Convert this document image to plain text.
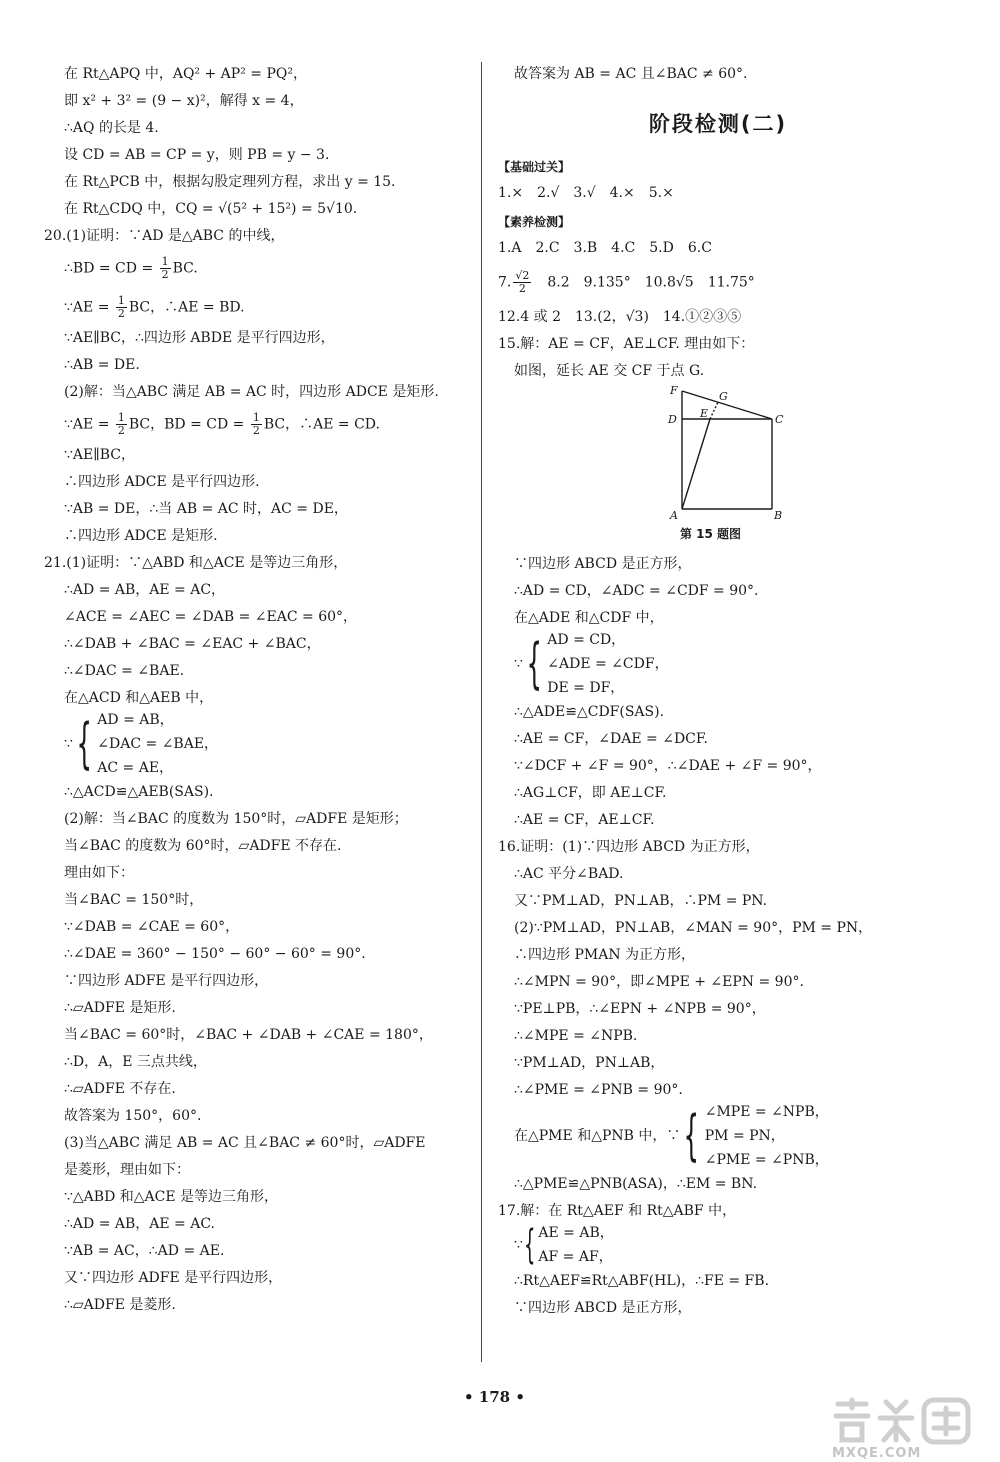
在 Rt△APQ 中，AQ² + AP² = PQ²，
即 x² + 3² = (9 − x)²，解得 x = 4，
∴AQ 的长是 4.
设 CD = AB = CP = y，则 PB = y − 3.
在 Rt△PCB 中，根据勾股定理列方程，求出 y = 15.
在 Rt△CDQ 中，CQ = √(5² + 15²) = 5√10.
20.(1)证明：∵AD 是△ABC 的中线，
∴BD = CD = $\frac{1}{2}$ BC.
∵AE = $\frac{1}{2}$ BC，∴AE = BD.
∵AE∥BC，∴四边形 ABDE 是平行四边形，
∴AB = DE.
(2)解：当△ABC 满足 AB = AC 时，四边形 ADCE 是矩形.
∵AE = $\frac{1}{2}$ BC，BD = CD = $\frac{1}{2}$ BC，∴AE = CD.
∵AE∥BC，
∴四边形 ADCE 是平行四边形.
∵AB = DE，∴当 AB = AC 时，AC = DE，
∴四边形 ADCE 是矩形.
21.(1)证明：∵△ABD 和△ACE 是等边三角形，
∴AD = AB，AE = AC，
∠ACE = ∠AEC = ∠DAB = ∠EAC = 60°，
∴∠DAB + ∠BAC = ∠EAC + ∠BAC，
∴∠DAC = ∠BAE.
在△ACD 和△AEB 中，
∵ { AD = AB，
∠DAC = ∠BAE，
AC = AE，
∴△ACD≌△AEB(SAS).
(2)解：当∠BAC 的度数为 150°时，▱ADFE 是矩形；
当∠BAC 的度数为 60°时，▱ADFE 不存在.
理由如下：
当∠BAC = 150°时，
∵∠DAB = ∠CAE = 60°，
∴∠DAE = 360° − 150° − 60° − 60° = 90°.
∵四边形 ADFE 是平行四边形，
∴▱ADFE 是矩形.
当∠BAC = 60°时，∠BAC + ∠DAB + ∠CAE = 180°，
∴D，A，E 三点共线，
∴▱ADFE 不存在.
故答案为 150°，60°.
(3)当△ABC 满足 AB = AC 且∠BAC ≠ 60°时，▱ADFE
是菱形，理由如下：
∵△ABD 和△ACE 是等边三角形，
∴AD = AB，AE = AC.
∵AB = AC，∴AD = AE.
又∵四边形 ADFE 是平行四边形，
∴▱ADFE 是菱形.
故答案为 AB = AC 且∠BAC ≠ 60°.
阶段检测(二)
【基础过关】
1.×　2.√　3.√　4.×　5.×
【素养检测】
1.A　2.C　3.B　4.C　5.D　6.C
7. $\frac{√2}{2}$ 　8.2　9.135°　10.8√5　11.75°
12.4 或 2　13.(2，√3)　14.①②③⑤
15.解：AE = CF，AE⊥CF. 理由如下：
如图，延长 AE 交 CF 于点 G.
F	G
D E	C
A	B
第 15 题图
∵四边形 ABCD 是正方形，
∴AD = CD，∠ADC = ∠CDF = 90°.
在△ADE 和△CDF 中，
∵ { AD = CD，
∠ADE = ∠CDF，
DE = DF，
∴△ADE≌△CDF(SAS).
∴AE = CF，∠DAE = ∠DCF.
∵∠DCF + ∠F = 90°，∴∠DAE + ∠F = 90°，
∴AG⊥CF，即 AE⊥CF.
∴AE = CF，AE⊥CF.
16.证明：(1)∵四边形 ABCD 为正方形，
∴AC 平分∠BAD.
又∵PM⊥AD，PN⊥AB，∴PM = PN.
(2)∵PM⊥AD，PN⊥AB，∠MAN = 90°，PM = PN，
∴四边形 PMAN 为正方形，
∴∠MPN = 90°，即∠MPE + ∠EPN = 90°.
∵PE⊥PB，∴∠EPN + ∠NPB = 90°，
∴∠MPE = ∠NPB.
∵PM⊥AD，PN⊥AB，
∴∠PME = ∠PNB = 90°.
在△PME 和△PNB 中，∵ { ∠MPE = ∠NPB，
PM = PN，
∠PME = ∠PNB，
∴△PME≌△PNB(ASA)，∴EM = BN.
17.解：在 Rt△AEF 和 Rt△ABF 中，
∵ { AE = AB，
AF = AF，
∴Rt△AEF≌Rt△ABF(HL)，∴FE = FB.
∵四边形 ABCD 是正方形，
• 178 •
MXQE.COM
